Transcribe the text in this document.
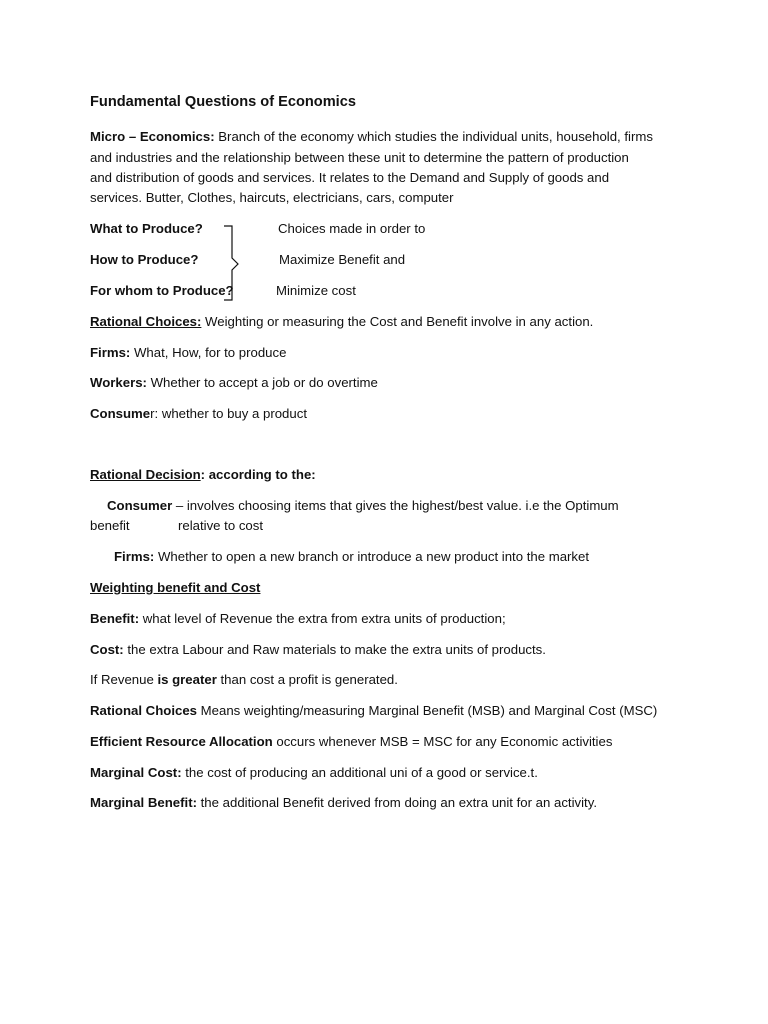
Fundamental Questions of Economics
Micro – Economics: Branch of the economy which studies the individual units, household, firms
and industries and the relationship between these unit to determine the pattern of production
and distribution of goods and services. It relates to the Demand and Supply of goods and
services. Butter, Clothes, haircuts, electricians, cars, computer
What to Produce?	Choices made in order to
How to Produce?	Maximize Benefit and
For whom to Produce?	Minimize cost
Rational Choices: Weighting or measuring the Cost and Benefit involve in any action.
Firms: What, How, for to produce
Workers: Whether to accept a job or do overtime
Consumer: whether to buy a product
Rational Decision: according to the:
Consumer – involves choosing items that gives the highest/best value. i.e the Optimum
benefit	relative to cost
Firms: Whether to open a new branch or introduce a new product into the market
Weighting benefit and Cost
Benefit: what level of Revenue the extra from extra units of production;
Cost: the extra Labour and Raw materials to make the extra units of products.
If Revenue is greater than cost a profit is generated.
Rational Choices Means weighting/measuring Marginal Benefit (MSB) and Marginal Cost (MSC)
Efficient Resource Allocation occurs whenever MSB = MSC for any Economic activities
Marginal Cost: the cost of producing an additional uni of a good or service.t.
Marginal Benefit: the additional Benefit derived from doing an extra unit for an activity.
